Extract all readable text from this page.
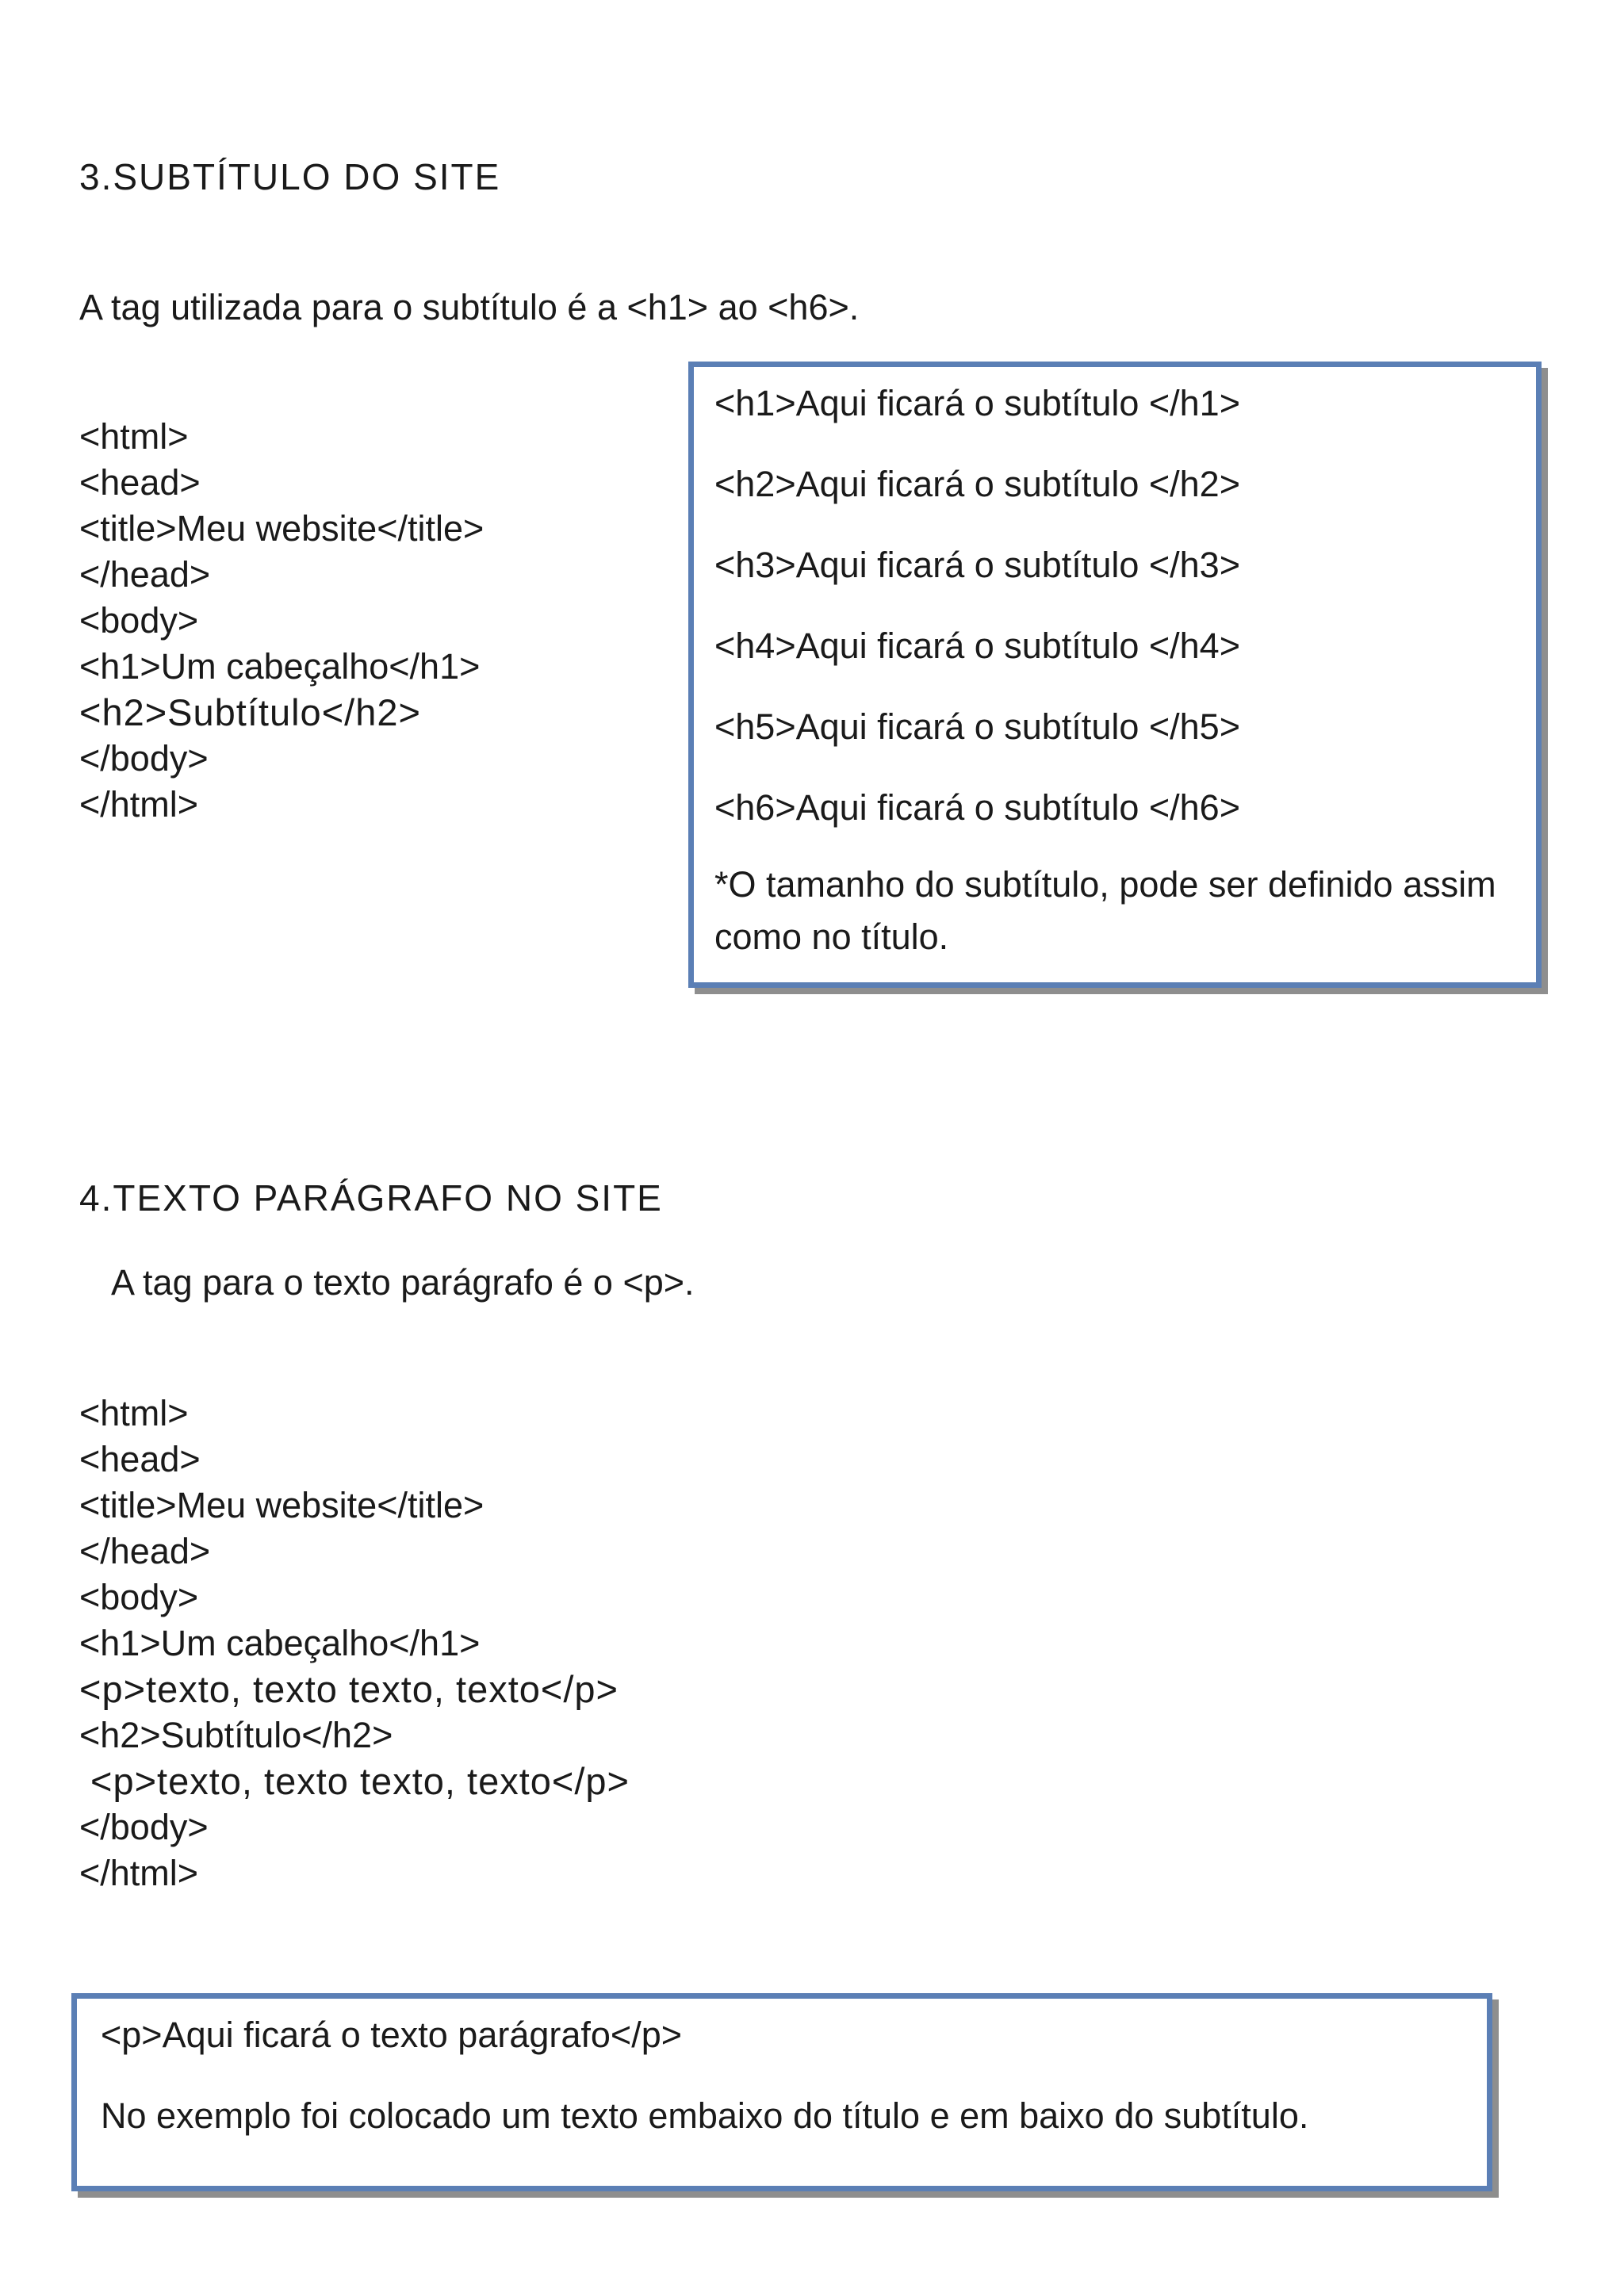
3.SUBTÍTULO DO SITE
A tag utilizada para o subtítulo é a <h1> ao <h6>.
<html>
<head>
<title>Meu website</title>
</head>
<body>
<h1>Um cabeçalho</h1>
<h2>Subtítulo</h2>
</body>
</html>
<h1>Aqui ficará o subtítulo </h1>
<h2>Aqui ficará o subtítulo </h2>
<h3>Aqui ficará o subtítulo </h3>
<h4>Aqui ficará o subtítulo </h4>
<h5>Aqui ficará o subtítulo </h5>
<h6>Aqui ficará o subtítulo </h6>
*O tamanho do subtítulo, pode ser definido assim como no título.
4.TEXTO PARÁGRAFO NO SITE
A tag para o texto parágrafo é o <p>.
<html>
<head>
<title>Meu website</title>
</head>
<body>
<h1>Um cabeçalho</h1>
<p>texto, texto texto, texto</p>
<h2>Subtítulo</h2>
<p>texto, texto texto, texto</p>
</body>
</html>
<p>Aqui ficará o texto parágrafo</p>
No exemplo foi colocado um texto embaixo do título e em baixo do subtítulo.
